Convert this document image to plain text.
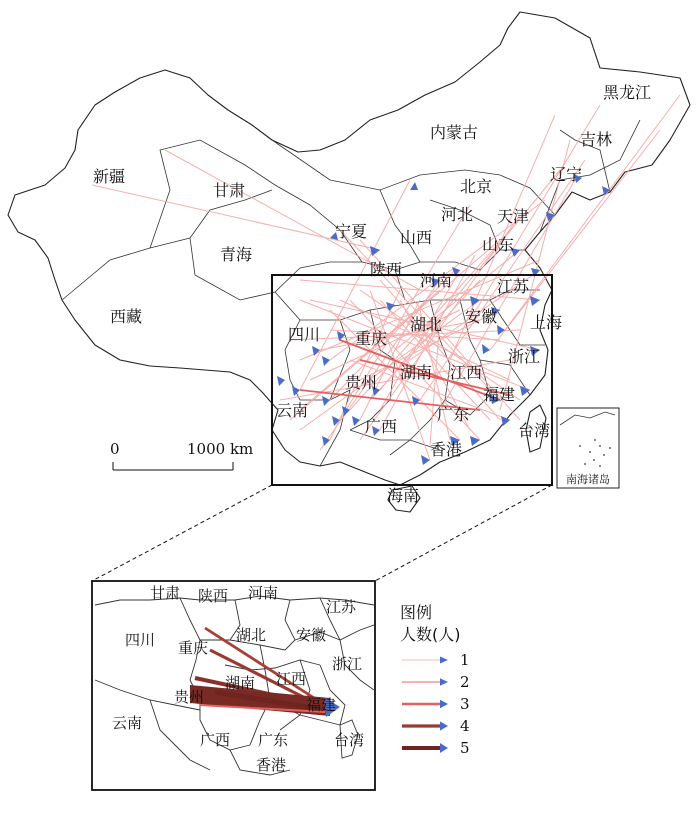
南海诸岛
0	1000 km
黑龙江
吉林
辽宁
内蒙古
北京
天津
河北
山东
山西
宁夏
新疆
甘肃
青海
西藏
陕西
河南	江苏
安徽 上海
湖北
四川 重庆
浙江
贵州
湖南 江西
福建
云南
广西
广东
香港
台湾
海南
甘肃 陕西 河南
江苏
四川	湖北 安徽
重庆
浙江
湖南 江西
贵州	福建
云南
广西 广东	台湾
香港
图例
人数(人)
1
2
3
4
5
